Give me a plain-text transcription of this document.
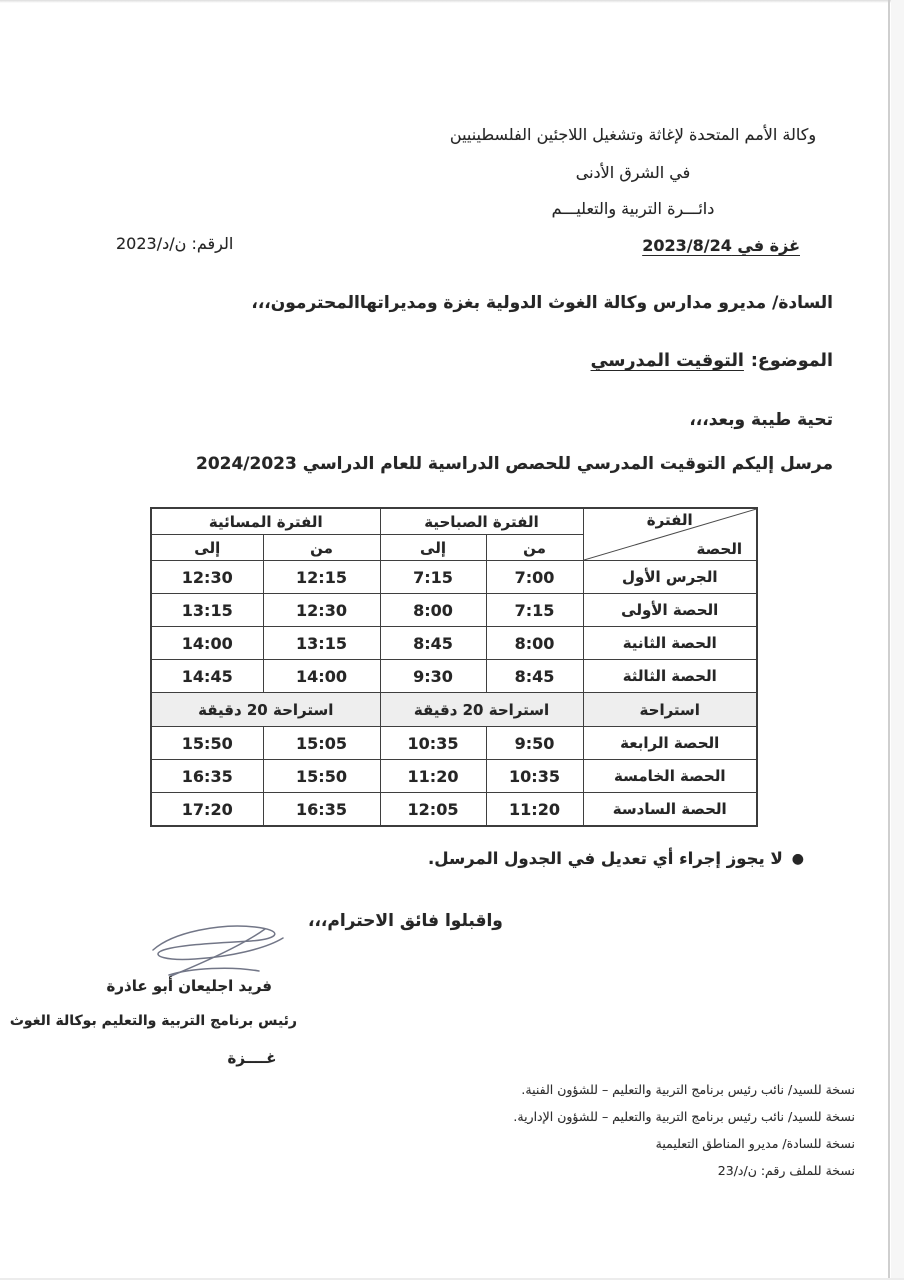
وكالة الأمم المتحدة لإغاثة وتشغيل اللاجئين الفلسطينيين
في الشرق الأدنى
دائـــرة التربية والتعليـــم
غزة في 2023/8/24
الرقم: ن/د/2023
السادة/ مديرو مدارس وكالة الغوث الدولية بغزة ومديراتها
المحترمون،،،
الموضوع:
التوقيت المدرسي
تحية طيبة وبعد،،،
مرسل إليكم التوقيت المدرسي للحصص الدراسية للعام الدراسي 2024/2023
الفترة
الحصة	الفترة الصباحية		الفترة المسائية	
	من	إلى	من	إلى
الجرس الأول	7:00	7:15	12:15	12:30
الحصة الأولى	7:15	8:00	12:30	13:15
الحصة الثانية	8:00	8:45	13:15	14:00
الحصة الثالثة	8:45	9:30	14:00	14:45
استراحة	استراحة 20 دقيقة		استراحة 20 دقيقة	
الحصة الرابعة	9:50	10:35	15:05	15:50
الحصة الخامسة	10:35	11:20	15:50	16:35
الحصة السادسة	11:20	12:05	16:35	17:20
●
لا يجوز إجراء أي تعديل في الجدول المرسل.
واقبلوا فائق الاحترام،،،
فريد اجليعان أبو عاذرة
رئيس برنامج التربية والتعليم بوكالة الغوث
غــــزة
نسخة للسيد/ نائب رئيس برنامج التربية والتعليم – للشؤون الفنية.
نسخة للسيد/ نائب رئيس برنامج التربية والتعليم – للشؤون الإدارية.
نسخة للسادة/ مديرو المناطق التعليمية
نسخة للملف رقم: ن/د/23
